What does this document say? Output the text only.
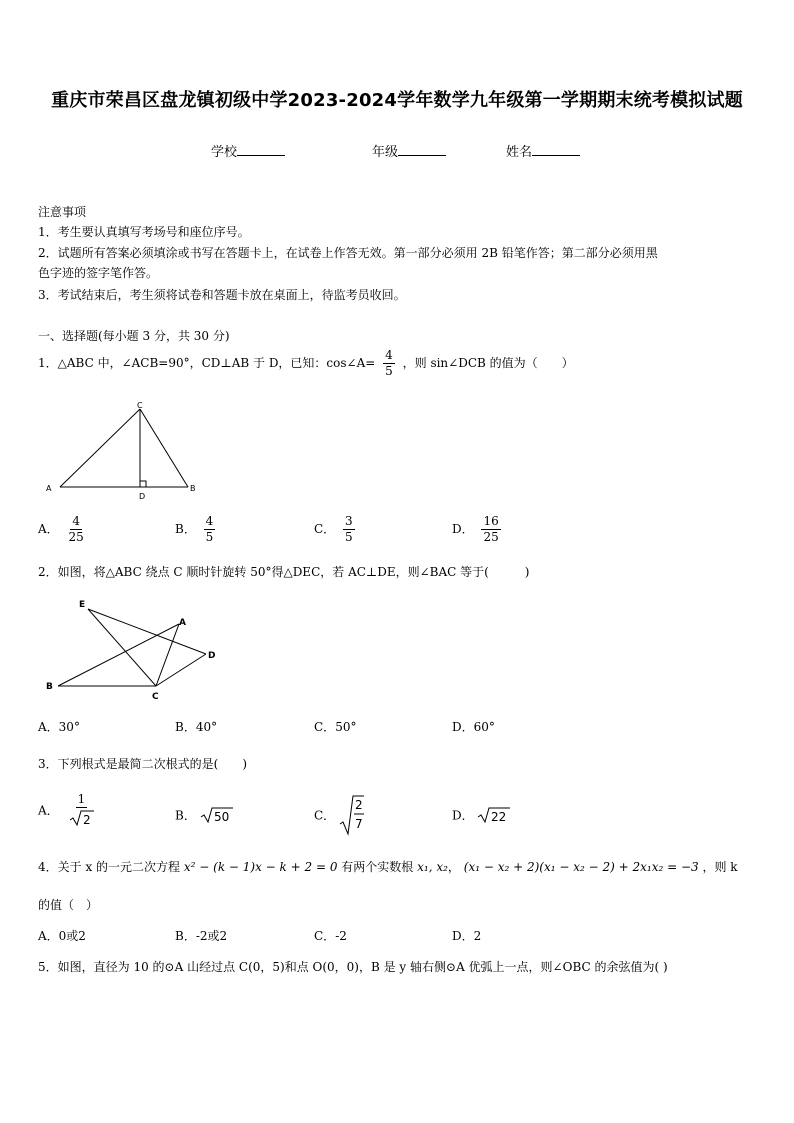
重庆市荣昌区盘龙镇初级中学2023-2024学年数学九年级第一学期期末统考模拟试题
学校	年级	姓名
注意事项
1．考生要认真填写考场号和座位序号。
2．试题所有答案必须填涂或书写在答题卡上，在试卷上作答无效。第一部分必须用 2B 铅笔作答；第二部分必须用黑
色字迹的签字笔作答。
3．考试结束后，考生须将试卷和答题卡放在桌面上，待监考员收回。
一、选择题(每小题 3 分，共 30 分)
1．△ABC 中，∠ACB=90°，CD⊥AB 于 D，已知：cos∠A= $\frac{4}{5}$ ，则 sin∠DCB 的值为（　　）
A
C
B
D
A． $\frac{4}{25}$	B． $\frac{4}{5}$	C． $\frac{3}{5}$	D． $\frac{16}{25}$
2．如图，将△ABC 绕点 C 顺时针旋转 50°得△DEC，若 AC⊥DE，则∠BAC 等于(　　　)
E
A
D
B
C
A．30°	B．40°	C．50°	D．60°
3．下列根式是最简二次根式的是(　　)
A． $\frac{1}{2}$	B． 50	C．
2
7
D． 22
4．关于 x 的一元二次方程 x² − (k − 1)x − k + 2 = 0 有两个实数根 x₁, x₂， (x₁ − x₂ + 2)(x₁ − x₂ − 2) + 2x₁x₂ = −3 ，则 k
的值（　）
A．0或2	B．-2或2	C．-2	D．2
5．如图，直径为 10 的⊙A 山经过点 C(0，5)和点 O(0，0)，B 是 y 轴右侧⊙A 优弧上一点，则∠OBC 的余弦值为( )
